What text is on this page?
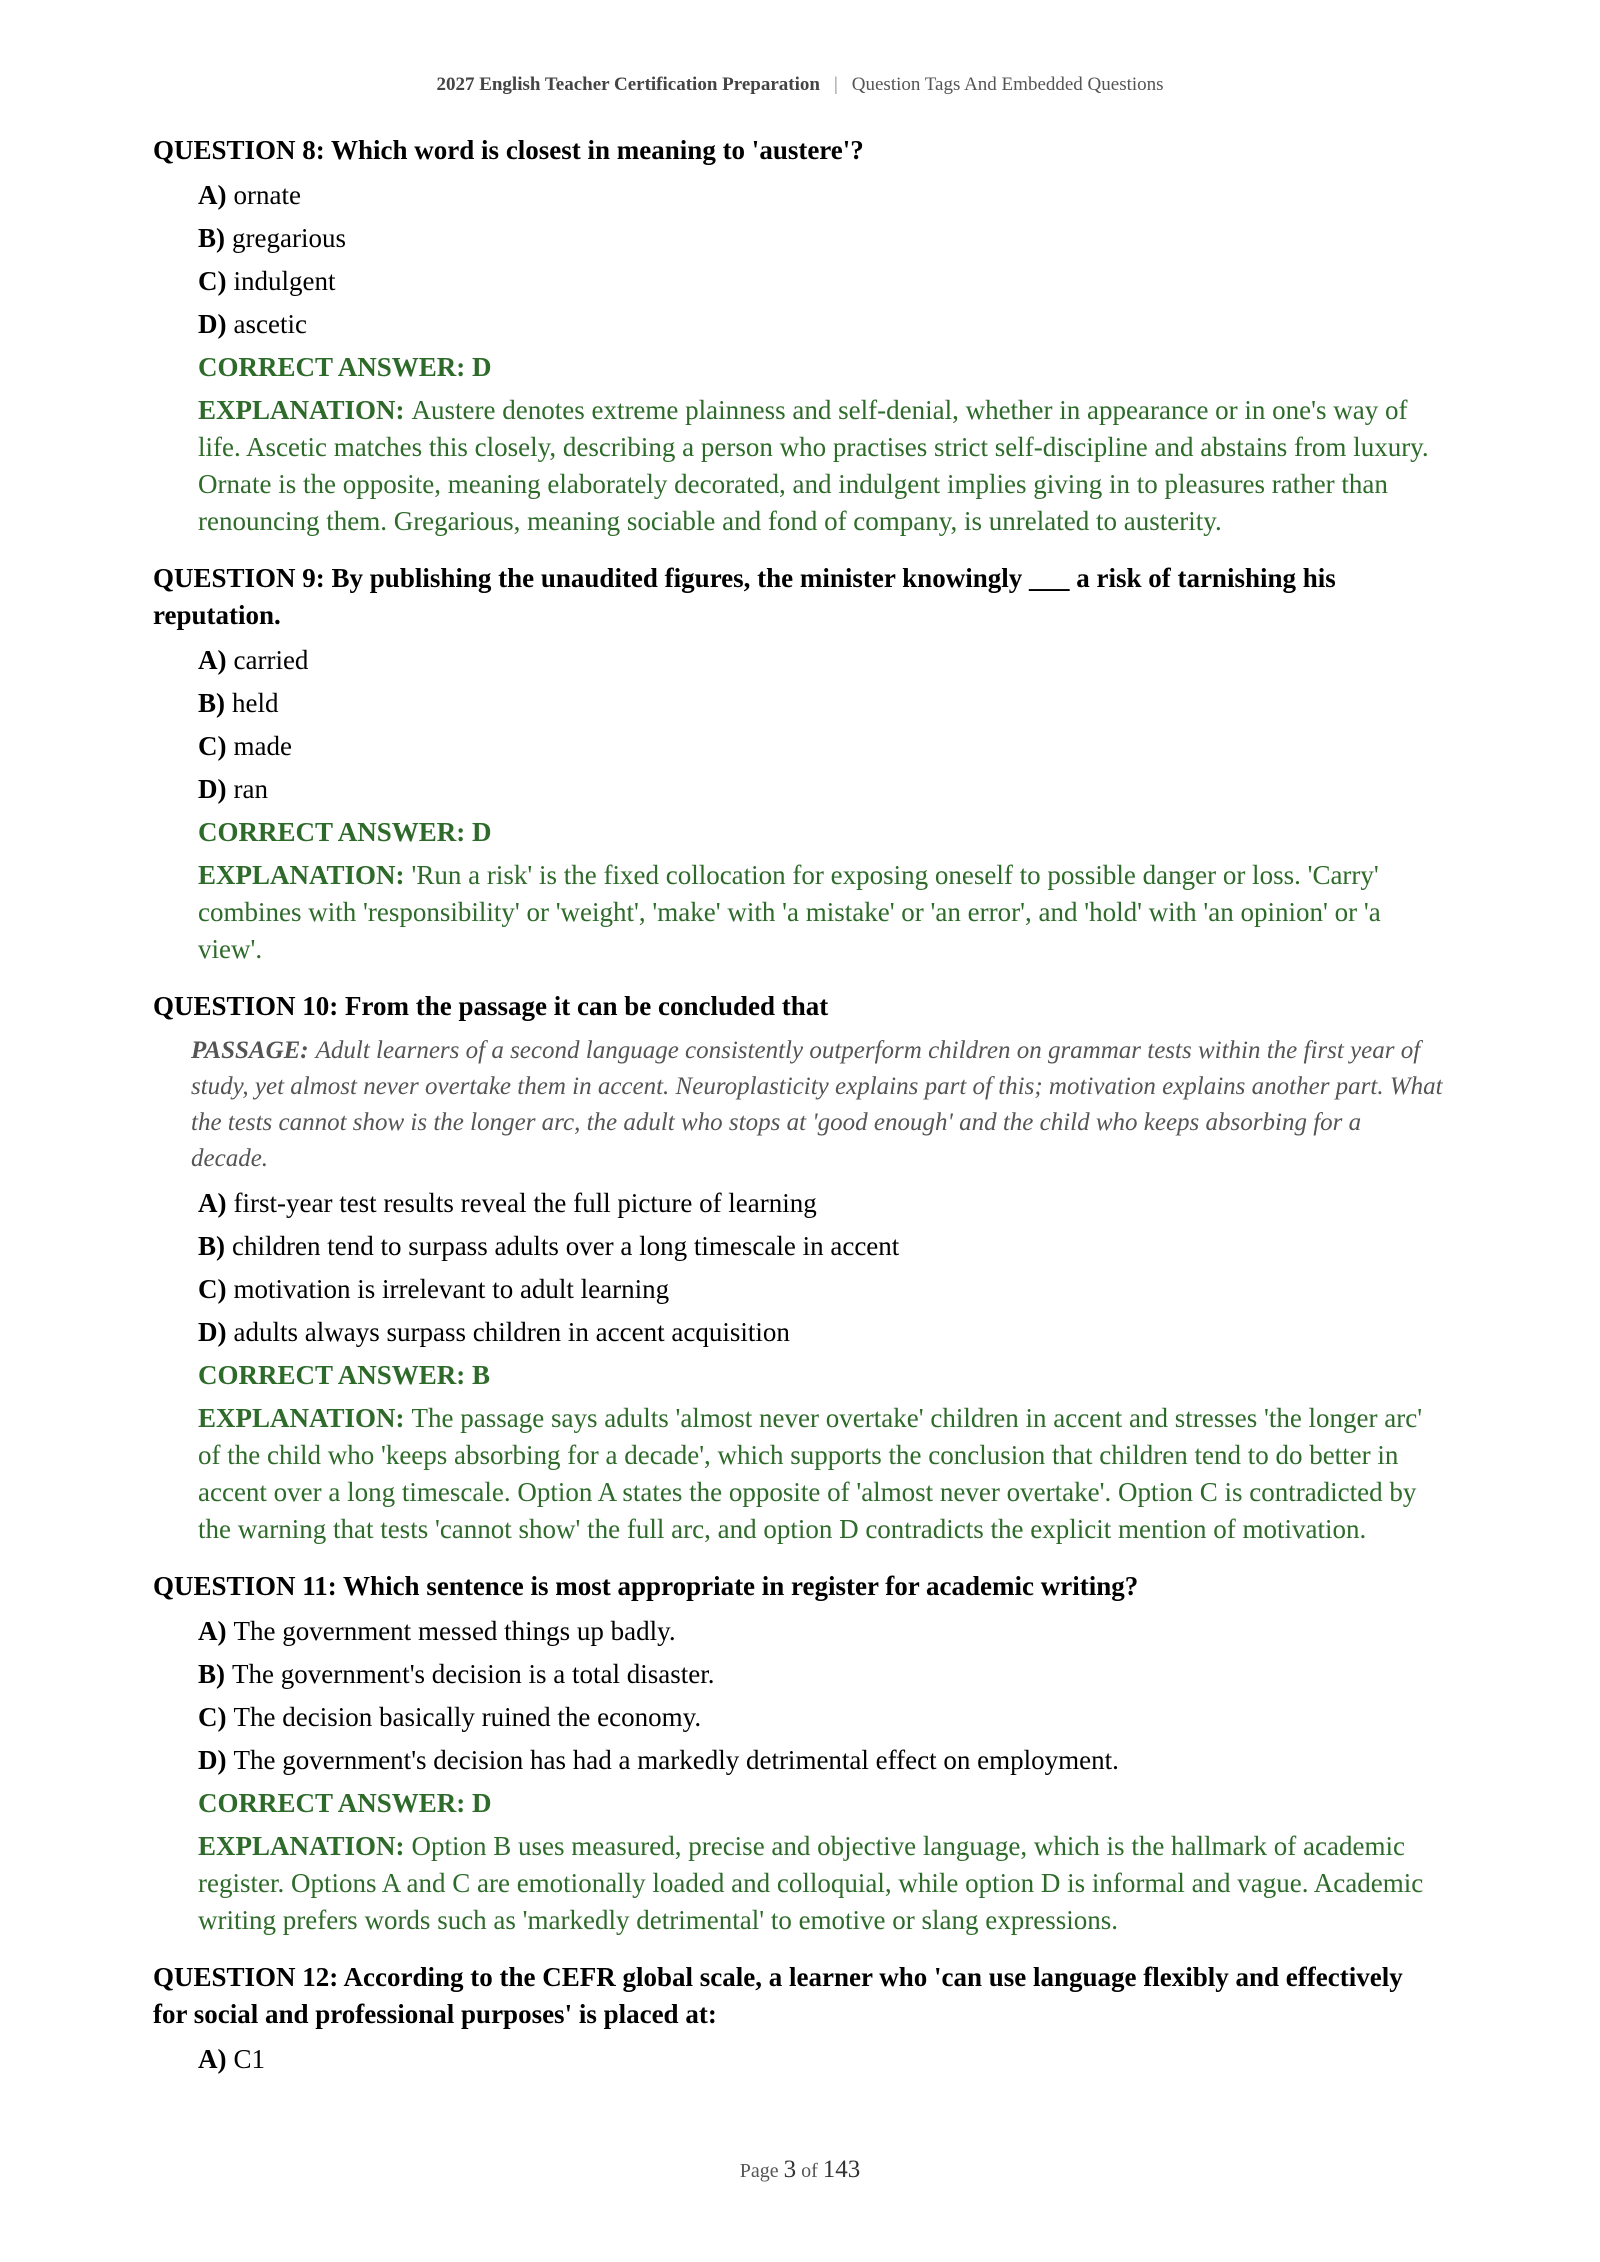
2027 English Teacher Certification Preparation | Question Tags And Embedded Questions
QUESTION 8: Which word is closest in meaning to 'austere'?
A) ornate
B) gregarious
C) indulgent
D) ascetic
CORRECT ANSWER: D
EXPLANATION: Austere denotes extreme plainness and self-denial, whether in appearance or in one's way of life. Ascetic matches this closely, describing a person who practises strict self-discipline and abstains from luxury. Ornate is the opposite, meaning elaborately decorated, and indulgent implies giving in to pleasures rather than renouncing them. Gregarious, meaning sociable and fond of company, is unrelated to austerity.
QUESTION 9: By publishing the unaudited figures, the minister knowingly ___ a risk of tarnishing his reputation.
A) carried
B) held
C) made
D) ran
CORRECT ANSWER: D
EXPLANATION: 'Run a risk' is the fixed collocation for exposing oneself to possible danger or loss. 'Carry' combines with 'responsibility' or 'weight', 'make' with 'a mistake' or 'an error', and 'hold' with 'an opinion' or 'a view'.
QUESTION 10: From the passage it can be concluded that
PASSAGE: Adult learners of a second language consistently outperform children on grammar tests within the first year of study, yet almost never overtake them in accent. Neuroplasticity explains part of this; motivation explains another part. What the tests cannot show is the longer arc, the adult who stops at 'good enough' and the child who keeps absorbing for a decade.
A) first-year test results reveal the full picture of learning
B) children tend to surpass adults over a long timescale in accent
C) motivation is irrelevant to adult learning
D) adults always surpass children in accent acquisition
CORRECT ANSWER: B
EXPLANATION: The passage says adults 'almost never overtake' children in accent and stresses 'the longer arc' of the child who 'keeps absorbing for a decade', which supports the conclusion that children tend to do better in accent over a long timescale. Option A states the opposite of 'almost never overtake'. Option C is contradicted by the warning that tests 'cannot show' the full arc, and option D contradicts the explicit mention of motivation.
QUESTION 11: Which sentence is most appropriate in register for academic writing?
A) The government messed things up badly.
B) The government's decision is a total disaster.
C) The decision basically ruined the economy.
D) The government's decision has had a markedly detrimental effect on employment.
CORRECT ANSWER: D
EXPLANATION: Option B uses measured, precise and objective language, which is the hallmark of academic register. Options A and C are emotionally loaded and colloquial, while option D is informal and vague. Academic writing prefers words such as 'markedly detrimental' to emotive or slang expressions.
QUESTION 12: According to the CEFR global scale, a learner who 'can use language flexibly and effectively for social and professional purposes' is placed at:
A) C1
Page 3 of 143
